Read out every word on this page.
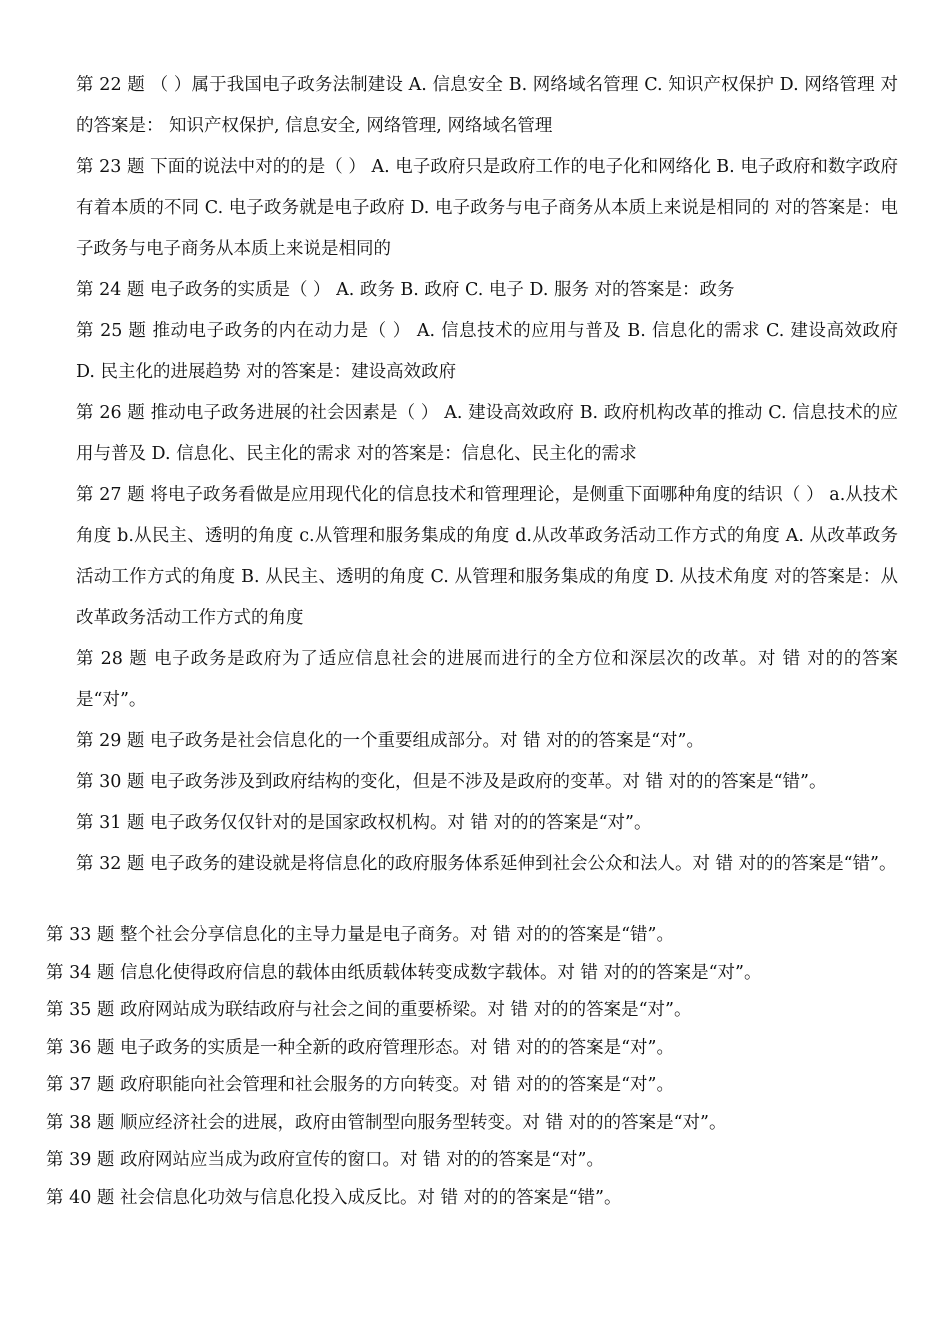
第 22 题 （ ）属于我国电子政务法制建设 A. 信息安全 B. 网络域名管理 C. 知识产权保护 D. 网络管理 对的答案是： 知识产权保护, 信息安全, 网络管理, 网络域名管理

第 23 题 下面的说法中对的的是（ ） A. 电子政府只是政府工作的电子化和网络化 B. 电子政府和数字政府有着本质的不同 C. 电子政务就是电子政府 D. 电子政务与电子商务从本质上来说是相同的 对的答案是：电子政务与电子商务从本质上来说是相同的

第 24 题 电子政务的实质是（ ） A. 政务 B. 政府 C. 电子 D. 服务 对的答案是：政务

第 25 题 推动电子政务的内在动力是（ ） A. 信息技术的应用与普及 B. 信息化的需求 C. 建设高效政府 D. 民主化的进展趋势 对的答案是：建设高效政府

第 26 题 推动电子政务进展的社会因素是（ ） A. 建设高效政府 B. 政府机构改革的推动 C. 信息技术的应用与普及 D. 信息化、民主化的需求 对的答案是：信息化、民主化的需求

第 27 题 将电子政务看做是应用现代化的信息技术和管理理论，是侧重下面哪种角度的结识（ ） a.从技术角度 b.从民主、透明的角度 c.从管理和服务集成的角度 d.从改革政务活动工作方式的角度 A. 从改革政务活动工作方式的角度 B. 从民主、透明的角度 C. 从管理和服务集成的角度 D. 从技术角度 对的答案是：从改革政务活动工作方式的角度

第 28 题 电子政务是政府为了适应信息社会的进展而进行的全方位和深层次的改革。对 错 对的的答案是“对”。

第 29 题 电子政务是社会信息化的一个重要组成部分。对 错 对的的答案是“对”。

第 30 题 电子政务涉及到政府结构的变化，但是不涉及是政府的变革。对 错 对的的答案是“错”。

第 31 题 电子政务仅仅针对的是国家政权机构。对 错 对的的答案是“对”。

第 32 题 电子政务的建设就是将信息化的政府服务体系延伸到社会公众和法人。对 错 对的的答案是“错”。

第 33 题 整个社会分享信息化的主导力量是电子商务。对 错 对的的答案是“错”。

第 34 题 信息化使得政府信息的载体由纸质载体转变成数字载体。对 错 对的的答案是“对”。

第 35 题 政府网站成为联结政府与社会之间的重要桥梁。对 错 对的的答案是“对”。

第 36 题 电子政务的实质是一种全新的政府管理形态。对 错 对的的答案是“对”。

第 37 题 政府职能向社会管理和社会服务的方向转变。对 错 对的的答案是“对”。

第 38 题 顺应经济社会的进展，政府由管制型向服务型转变。对 错 对的的答案是“对”。

第 39 题 政府网站应当成为政府宣传的窗口。对 错 对的的答案是“对”。

第 40 题 社会信息化功效与信息化投入成反比。对 错 对的的答案是“错”。
